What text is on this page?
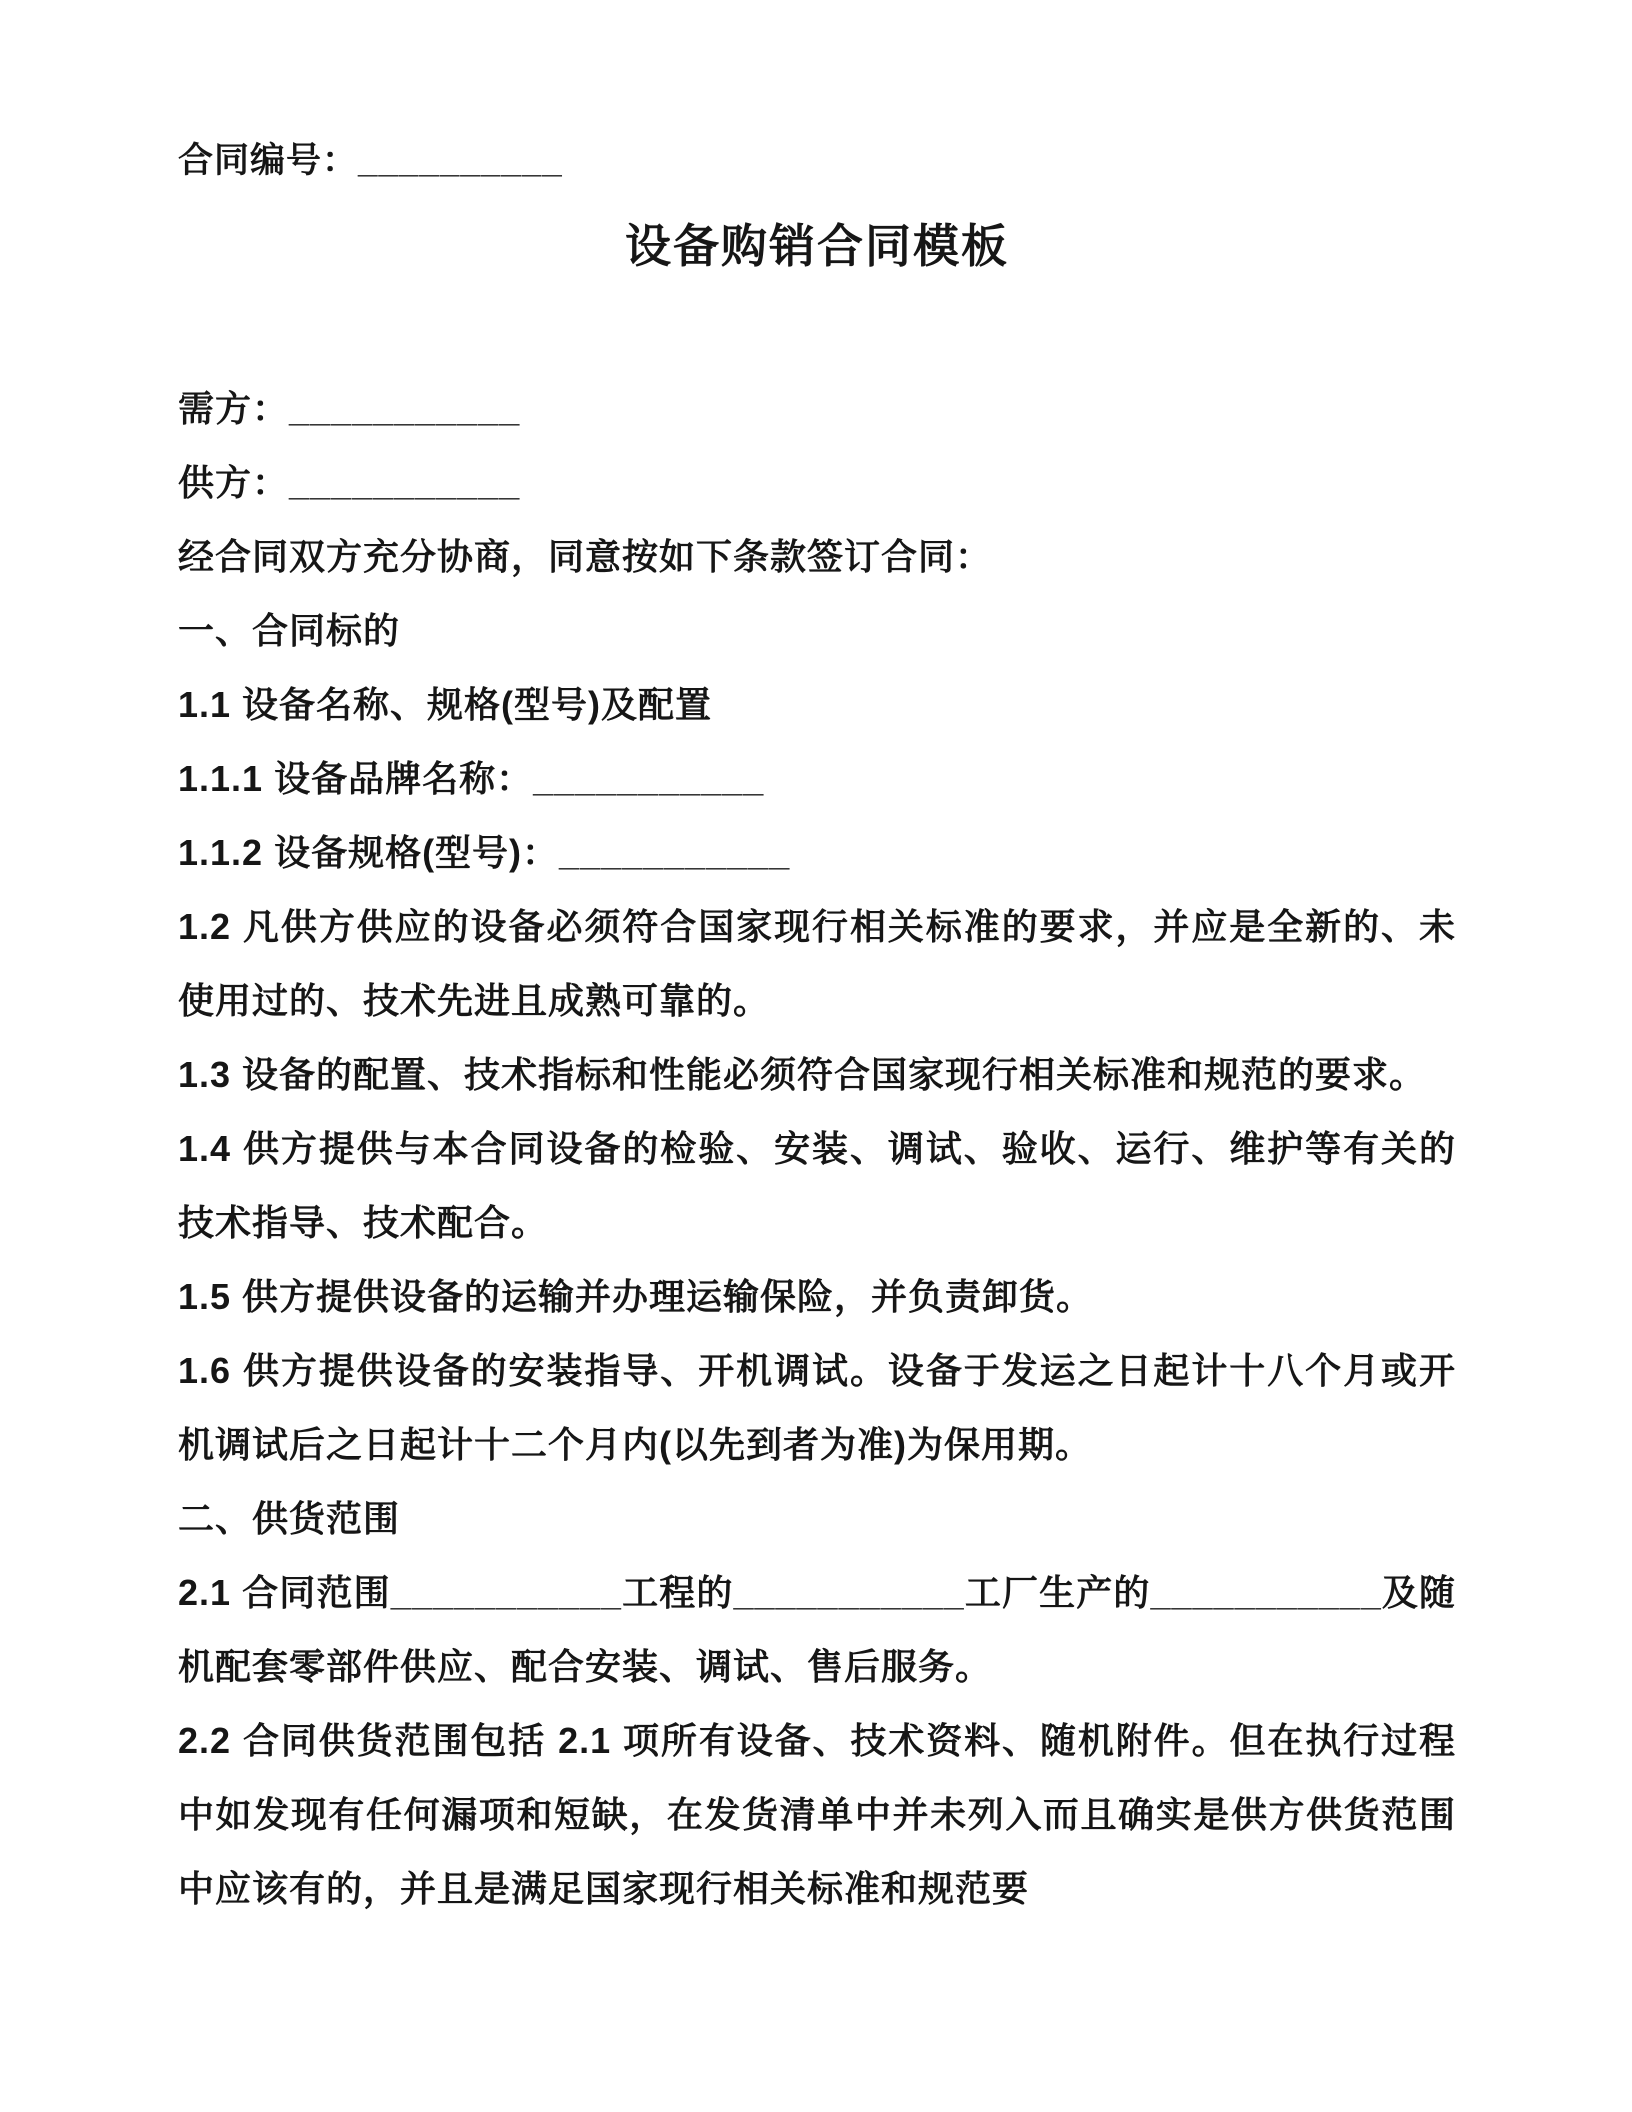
合同编号：__________
设备购销合同模板

需方：___________

供方：___________

经合同双方充分协商，同意按如下条款签订合同：

一、合同标的

1.1 设备名称、规格(型号)及配置

1.1.1 设备品牌名称：___________

1.1.2 设备规格(型号)：___________

1.2 凡供方供应的设备必须符合国家现行相关标准的要求，并应是全新的、未使用过的、技术先进且成熟可靠的。

1.3 设备的配置、技术指标和性能必须符合国家现行相关标准和规范的要求。

1.4 供方提供与本合同设备的检验、安装、调试、验收、运行、维护等有关的技术指导、技术配合。

1.5 供方提供设备的运输并办理运输保险，并负责卸货。

1.6 供方提供设备的安装指导、开机调试。设备于发运之日起计十八个月或开机调试后之日起计十二个月内(以先到者为准)为保用期。

二、供货范围

2.1 合同范围___________工程的___________工厂生产的___________及随机配套零部件供应、配合安装、调试、售后服务。

2.2 合同供货范围包括 2.1 项所有设备、技术资料、随机附件。但在执行过程中如发现有任何漏项和短缺，在发货清单中并未列入而且确实是供方供货范围中应该有的，并且是满足国家现行相关标准和规范要
